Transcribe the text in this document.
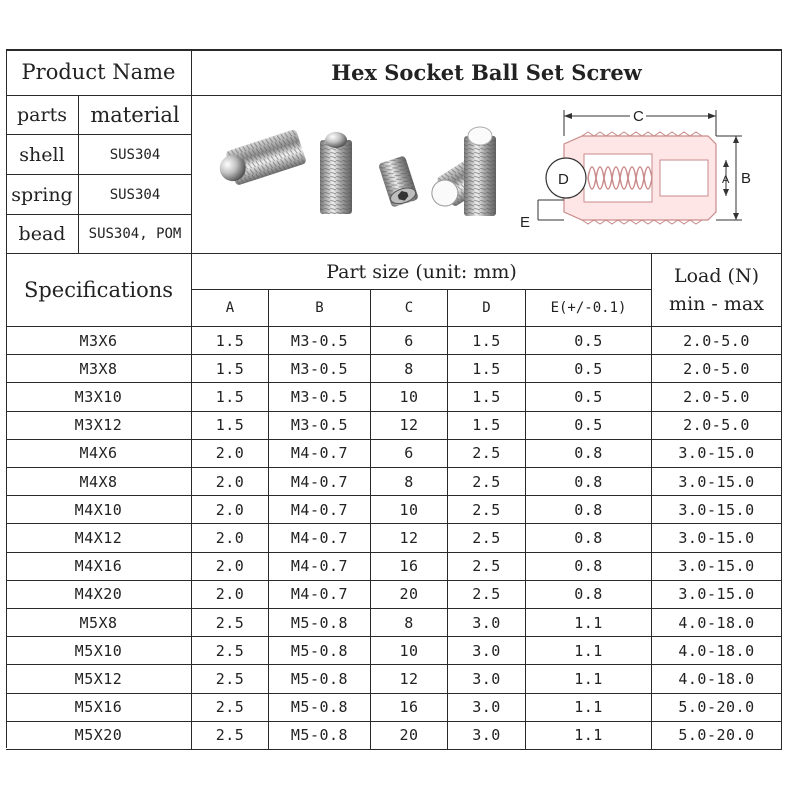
Product Name	Hex Socket Ball Set Screw
parts	material
shell	SUS304
spring	SUS304
bead	SUS304, POM
D
C
A B
E
Specifications
Part size (unit: mm)	Load (N)
min - max
A	B	C	D	E(+/-0.1)
M3X6	1.5	M3-0.5	6	1.5	0.5	2.0-5.0
M3X8	1.5	M3-0.5	8	1.5	0.5	2.0-5.0
M3X10	1.5	M3-0.5	10	1.5	0.5	2.0-5.0
M3X12	1.5	M3-0.5	12	1.5	0.5	2.0-5.0
M4X6	2.0	M4-0.7	6	2.5	0.8	3.0-15.0
M4X8	2.0	M4-0.7	8	2.5	0.8	3.0-15.0
M4X10	2.0	M4-0.7	10	2.5	0.8	3.0-15.0
M4X12	2.0	M4-0.7	12	2.5	0.8	3.0-15.0
M4X16	2.0	M4-0.7	16	2.5	0.8	3.0-15.0
M4X20	2.0	M4-0.7	20	2.5	0.8	3.0-15.0
M5X8	2.5	M5-0.8	8	3.0	1.1	4.0-18.0
M5X10	2.5	M5-0.8	10	3.0	1.1	4.0-18.0
M5X12	2.5	M5-0.8	12	3.0	1.1	4.0-18.0
M5X16	2.5	M5-0.8	16	3.0	1.1	5.0-20.0
M5X20	2.5	M5-0.8	20	3.0	1.1	5.0-20.0
